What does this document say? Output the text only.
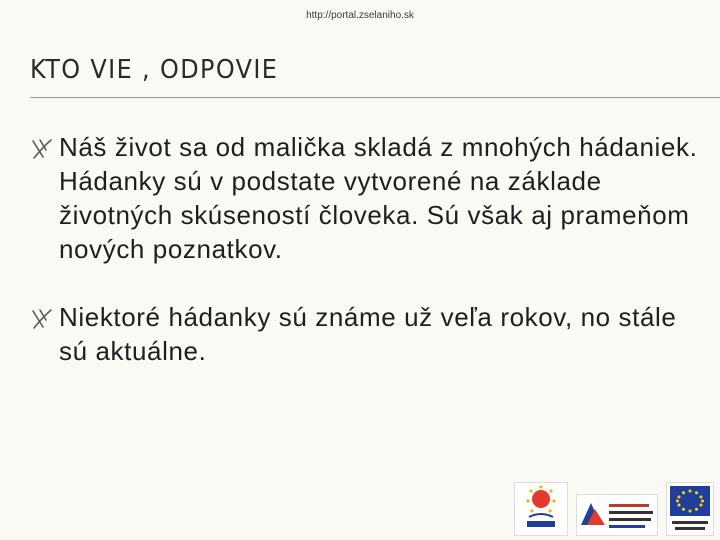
http://portal.zselaniho.sk
KTO VIE , ODPOVIE
Náš život sa od malička skladá z mnohých hádaniek. Hádanky sú v podstate vytvorené na základe životných skúseností človeka. Sú však aj prameňom nových poznatkov.
Niektoré hádanky sú známe už veľa rokov, no stále sú aktuálne.
